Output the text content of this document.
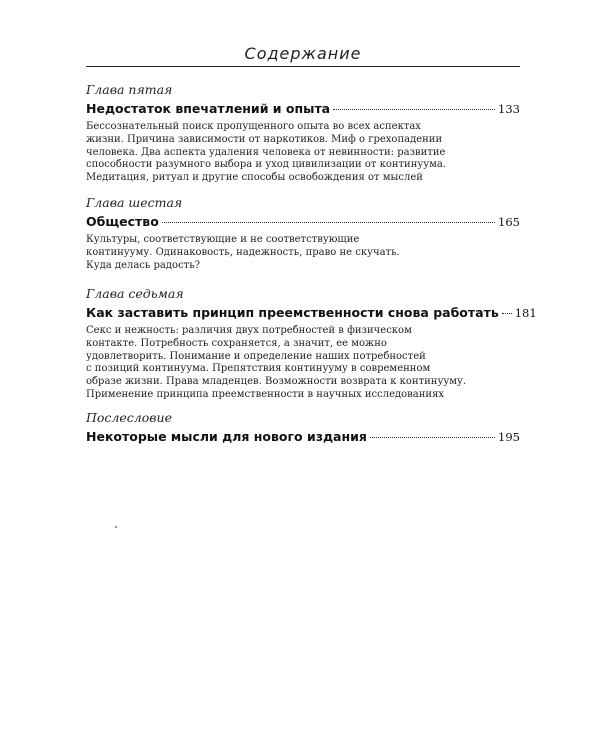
Содержание
Глава пятая
Недостаток впечатлений и опыта	133
Бессознательный поиск пропущенного опыта во всех аспектах
жизни. Причина зависимости от наркотиков. Миф о грехопадении
человека. Два аспекта удаления человека от невинности: развитие
способности разумного выбора и уход цивилизации от континуума.
Медитация, ритуал и другие способы освобождения от мыслей
Глава шестая
Общество	165
Культуры, соответствующие и не соответствующие
континууму. Одинаковость, надежность, право не скучать.
Куда делась радость?
Глава седьмая
Как заставить принцип преемственности снова работать 181
Секс и нежность: различия двух потребностей в физическом
контакте. Потребность сохраняется, а значит, ее можно
удовлетворить. Понимание и определение наших потребностей
с позиций континуума. Препятствия континууму в современном
образе жизни. Права младенцев. Возможности возврата к континууму.
Применение принципа преемственности в научных исследованиях
Послесловие
Некоторые мысли для нового издания	195
